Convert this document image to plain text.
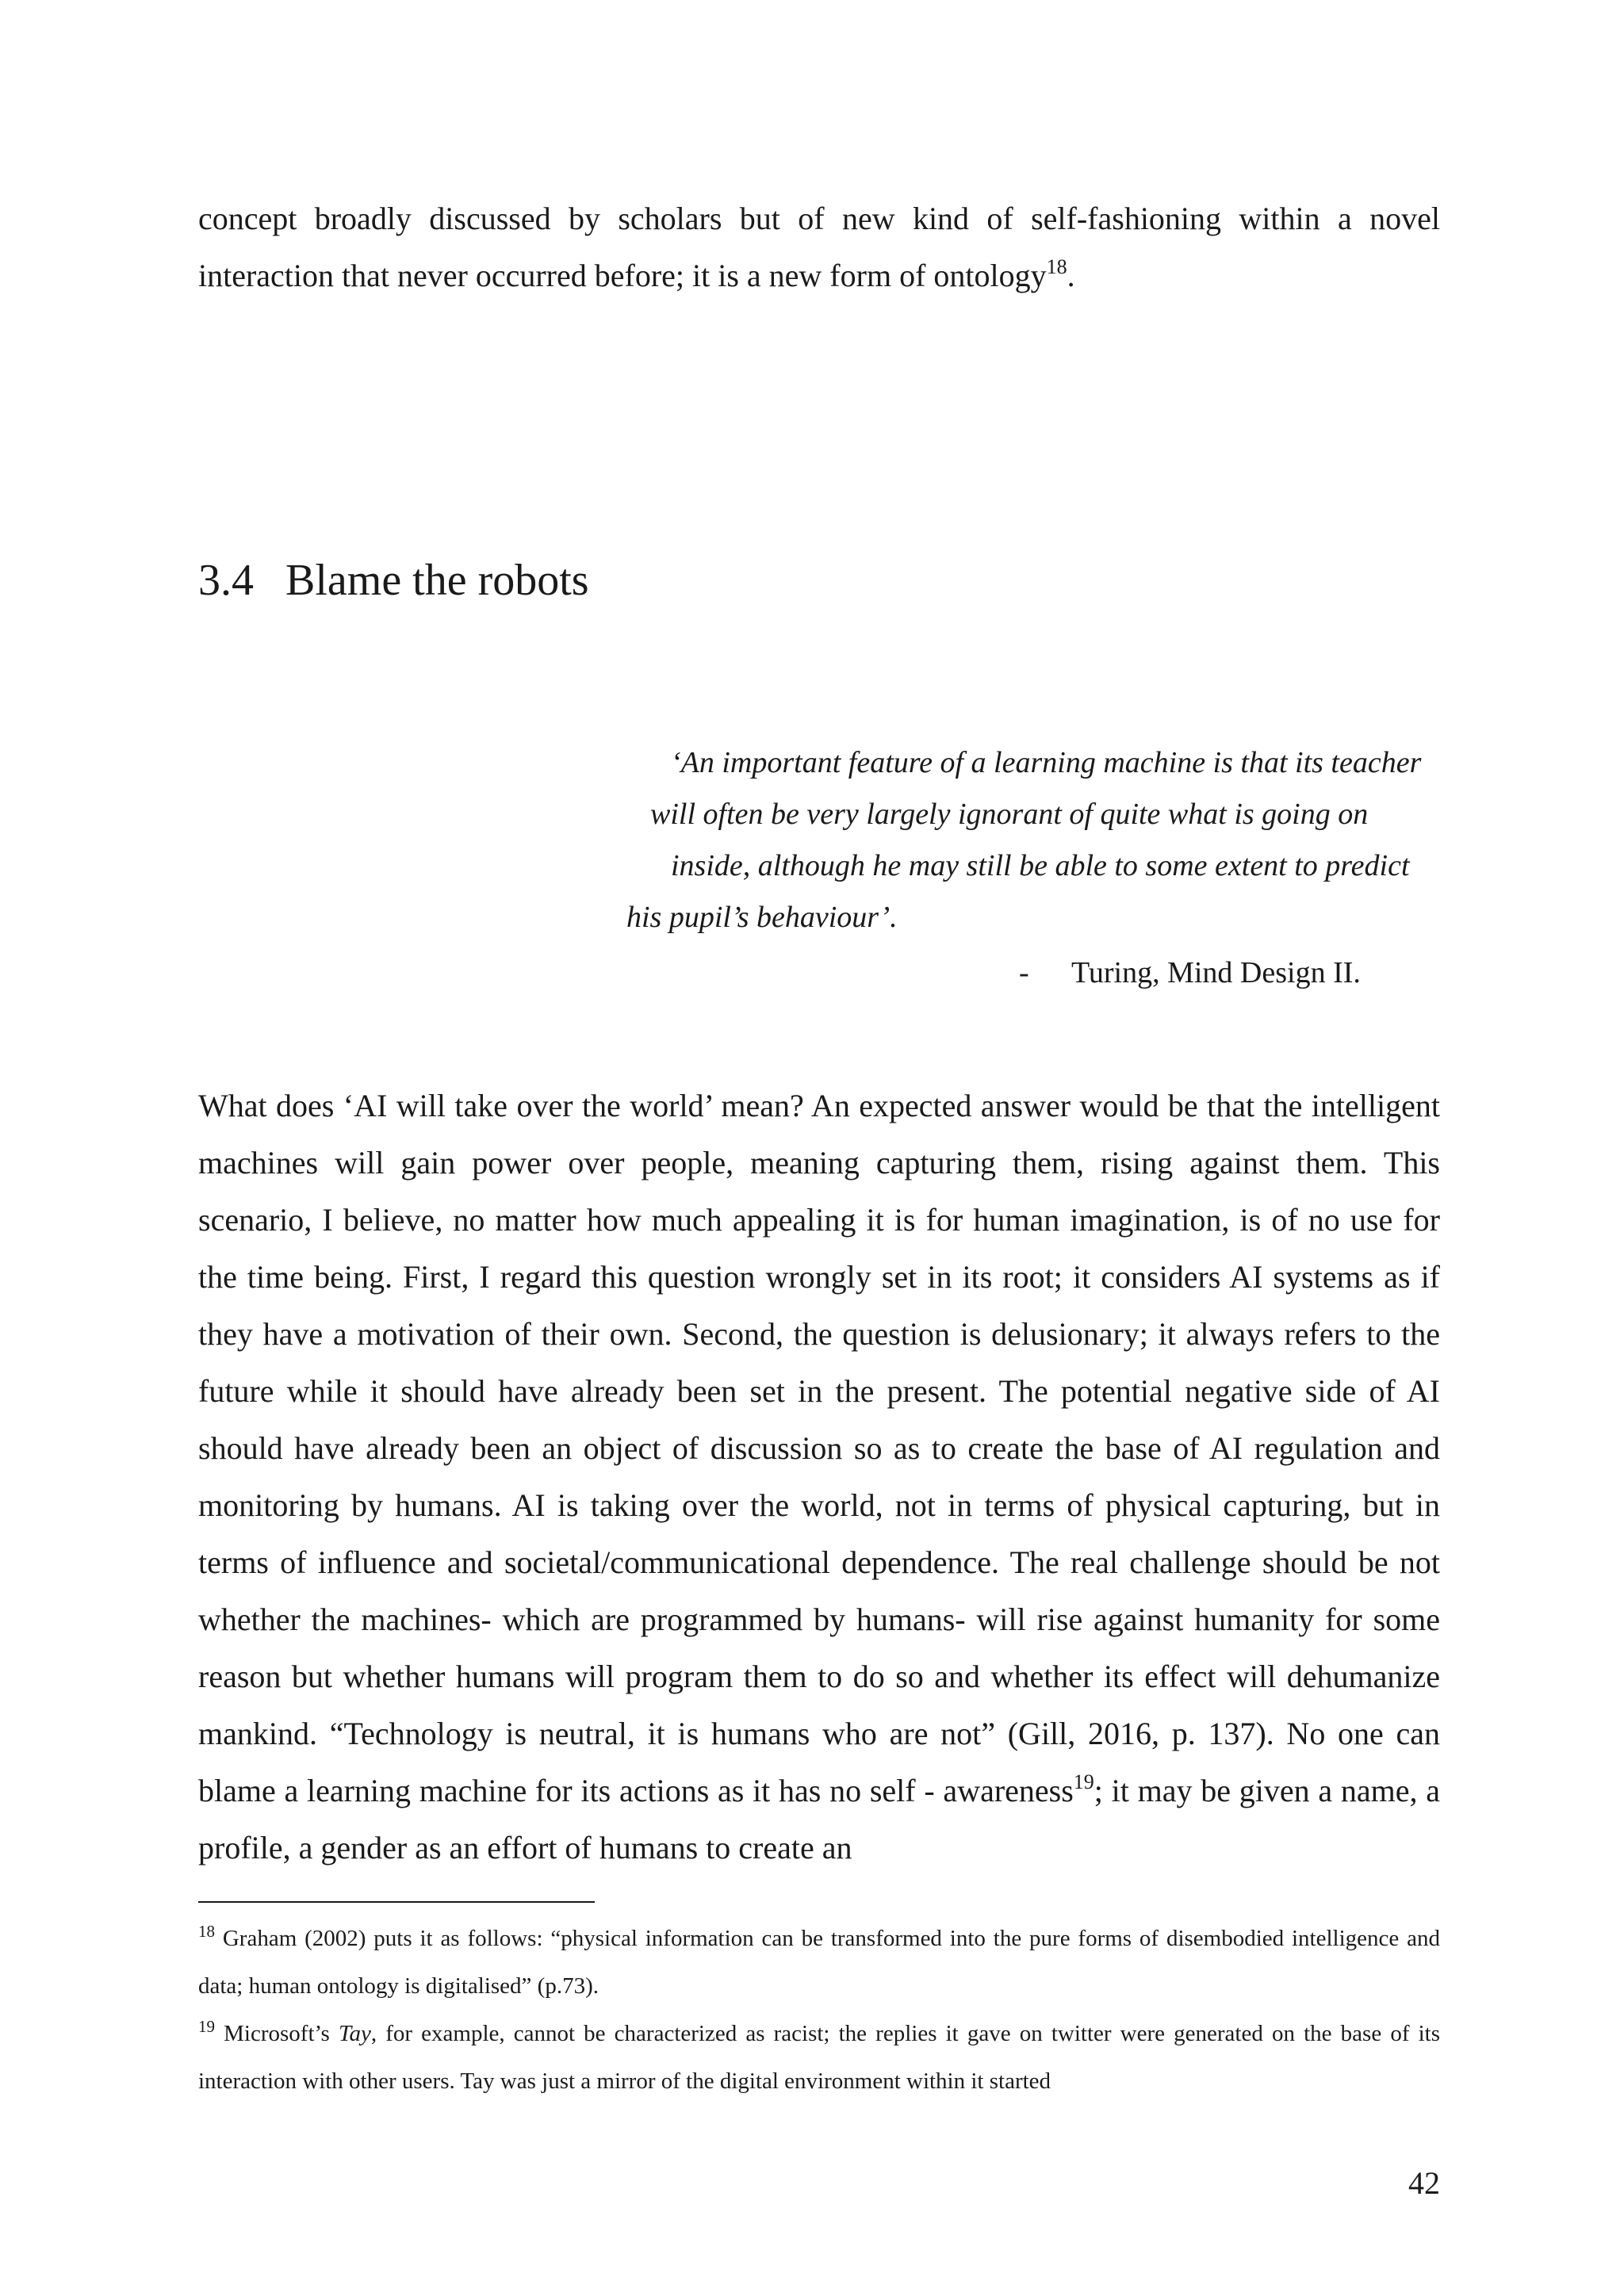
concept broadly discussed by scholars but of new kind of self-fashioning within a novel interaction that never occurred before; it is a new form of ontology$^{18}$.

3.4 Blame the robots

‘An important feature of a learning machine is that its teacher

will often be very largely ignorant of quite what is going on

inside, although he may still be able to some extent to predict

his pupil’s behaviour’.

- Turing, Mind Design II.

What does ‘AI will take over the world’ mean? An expected answer would be that the intelligent machines will gain power over people, meaning capturing them, rising against them. This scenario, I believe, no matter how much appealing it is for human imagination, is of no use for the time being. First, I regard this question wrongly set in its root; it considers AI systems as if they have a motivation of their own. Second, the question is delusionary; it always refers to the future while it should have already been set in the present. The potential negative side of AI should have already been an object of discussion so as to create the base of AI regulation and monitoring by humans. AI is taking over the world, not in terms of physical capturing, but in terms of influence and societal/communicational dependence. The real challenge should be not whether the machines- which are programmed by humans- will rise against humanity for some reason but whether humans will program them to do so and whether its effect will dehumanize mankind. “Technology is neutral, it is humans who are not” (Gill, 2016, p. 137). No one can blame a learning machine for its actions as it has no self - awareness$^{19}$; it may be given a name, a profile, a gender as an effort of humans to create an

$^{18}$ Graham (2002) puts it as follows: “physical information can be transformed into the pure forms of disembodied intelligence and data; human ontology is digitalised” (p.73).

$^{19}$ Microsoft’s Tay, for example, cannot be characterized as racist; the replies it gave on twitter were generated on the base of its interaction with other users. Tay was just a mirror of the digital environment within it started

42
